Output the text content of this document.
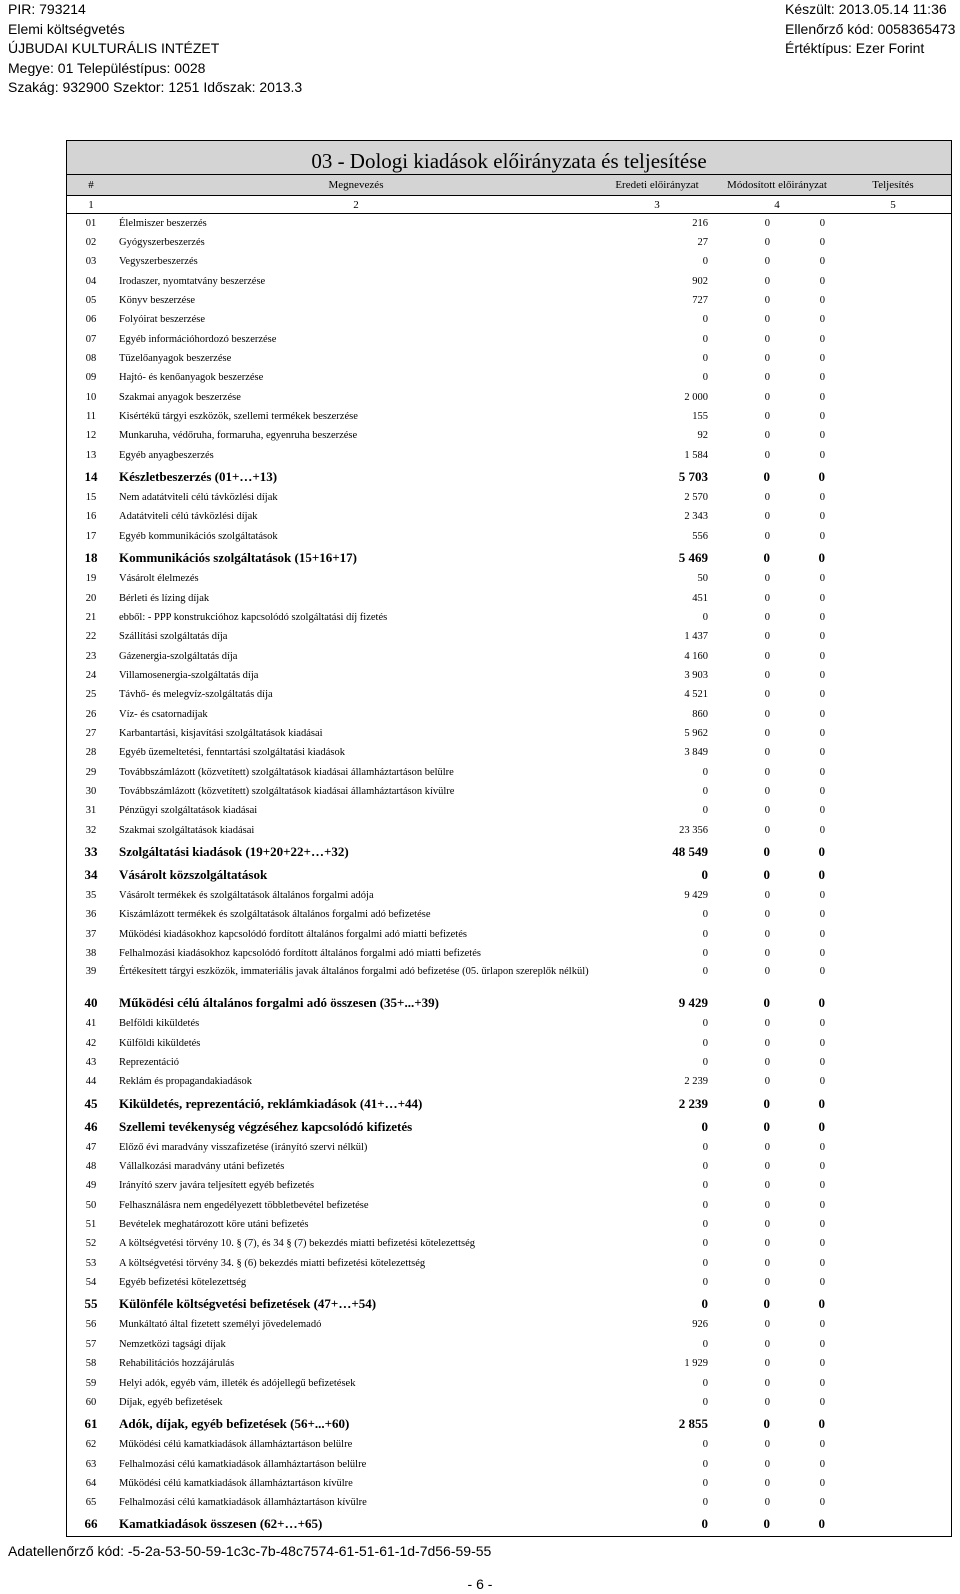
PIR: 793214
Elemi költségvetés
ÚJBUDAI KULTURÁLIS INTÉZET
Megye: 01 Településtípus: 0028
Szakág: 932900 Szektor: 1251 Időszak: 2013.3
Készült: 2013.05.14 11:36
Ellenőrző kód: 0058365473
Értéktípus: Ezer Forint
03 - Dologi kiadások előirányzata és teljesítése
#	Megnevezés	Eredeti előirányzat	Módosított előirányzat	Teljesítés
1	2	3	4	5
01	Élelmiszer beszerzés	216	0	0
02	Gyógyszerbeszerzés	27	0	0
03	Vegyszerbeszerzés	0	0	0
04	Irodaszer, nyomtatvány beszerzése	902	0	0
05	Könyv beszerzése	727	0	0
06	Folyóirat beszerzése	0	0	0
07	Egyéb információhordozó beszerzése	0	0	0
08	Tüzelőanyagok beszerzése	0	0	0
09	Hajtó- és kenőanyagok beszerzése	0	0	0
10	Szakmai anyagok beszerzése	2 000	0	0
11	Kisértékű tárgyi eszközök, szellemi termékek beszerzése	155	0	0
12	Munkaruha, védőruha, formaruha, egyenruha beszerzése	92	0	0
13	Egyéb anyagbeszerzés	1 584	0	0
14	Készletbeszerzés (01+…+13)	5 703	0	0
15	Nem adatátviteli célú távközlési díjak	2 570	0	0
16	Adatátviteli célú távközlési díjak	2 343	0	0
17	Egyéb kommunikációs szolgáltatások	556	0	0
18	Kommunikációs szolgáltatások (15+16+17)	5 469	0	0
19	Vásárolt élelmezés	50	0	0
20	Bérleti és lízing díjak	451	0	0
21	ebből: - PPP konstrukcióhoz kapcsolódó szolgáltatási díj fizetés	0	0	0
22	Szállítási szolgáltatás díja	1 437	0	0
23	Gázenergia-szolgáltatás díja	4 160	0	0
24	Villamosenergia-szolgáltatás díja	3 903	0	0
25	Távhő- és melegvíz-szolgáltatás díja	4 521	0	0
26	Víz- és csatornadíjak	860	0	0
27	Karbantartási, kisjavítási szolgáltatások kiadásai	5 962	0	0
28	Egyéb üzemeltetési, fenntartási szolgáltatási kiadások	3 849	0	0
29	Továbbszámlázott (közvetített) szolgáltatások kiadásai államháztartáson belülre	0	0	0
30	Továbbszámlázott (közvetített) szolgáltatások kiadásai államháztartáson kívülre	0	0	0
31	Pénzügyi szolgáltatások kiadásai	0	0	0
32	Szakmai szolgáltatások kiadásai	23 356	0	0
33	Szolgáltatási kiadások (19+20+22+…+32)	48 549	0	0
34	Vásárolt közszolgáltatások	0	0	0
35	Vásárolt termékek és szolgáltatások általános forgalmi adója	9 429	0	0
36	Kiszámlázott termékek és szolgáltatások általános forgalmi adó befizetése	0	0	0
37	Működési kiadásokhoz kapcsolódó fordított általános forgalmi adó miatti befizetés	0	0	0
38	Felhalmozási kiadásokhoz kapcsolódó fordított általános forgalmi adó miatti befizetés	0	0	0
39	Értékesített tárgyi eszközök, immateriális javak általános forgalmi adó befizetése (05. űrlapon szereplők nélkül)	0	0	0
40	Működési célú általános forgalmi adó összesen (35+...+39)	9 429	0	0
41	Belföldi kiküldetés	0	0	0
42	Külföldi kiküldetés	0	0	0
43	Reprezentáció	0	0	0
44	Reklám és propagandakiadások	2 239	0	0
45	Kiküldetés, reprezentáció, reklámkiadások (41+…+44)	2 239	0	0
46	Szellemi tevékenység végzéséhez kapcsolódó kifizetés	0	0	0
47	Előző évi maradvány visszafizetése (irányító szervi nélkül)	0	0	0
48	Vállalkozási maradvány utáni befizetés	0	0	0
49	Irányító szerv javára teljesített egyéb befizetés	0	0	0
50	Felhasználásra nem engedélyezett többletbevétel befizetése	0	0	0
51	Bevételek meghatározott köre utáni befizetés	0	0	0
52	A költségvetési törvény 10. § (7), és 34 § (7) bekezdés miatti befizetési kötelezettség	0	0	0
53	A költségvetési törvény 34. § (6) bekezdés miatti befizetési kötelezettség	0	0	0
54	Egyéb befizetési kötelezettség	0	0	0
55	Különféle költségvetési befizetések (47+…+54)	0	0	0
56	Munkáltató által fizetett személyi jövedelemadó	926	0	0
57	Nemzetközi tagsági díjak	0	0	0
58	Rehabilitációs hozzájárulás	1 929	0	0
59	Helyi adók, egyéb vám, illeték és adójellegű befizetések	0	0	0
60	Díjak, egyéb befizetések	0	0	0
61	Adók, díjak, egyéb befizetések (56+...+60)	2 855	0	0
62	Működési célú kamatkiadások államháztartáson belülre	0	0	0
63	Felhalmozási célú kamatkiadások államháztartáson belülre	0	0	0
64	Működési célú kamatkiadások államháztartáson kívülre	0	0	0
65	Felhalmozási célú kamatkiadások államháztartáson kívülre	0	0	0
66	Kamatkiadások összesen (62+…+65)	0	0	0
Adatellenőrző kód: -5-2a-53-50-59-1c3c-7b-48c7574-61-51-61-1d-7d56-59-55
- 6 -
